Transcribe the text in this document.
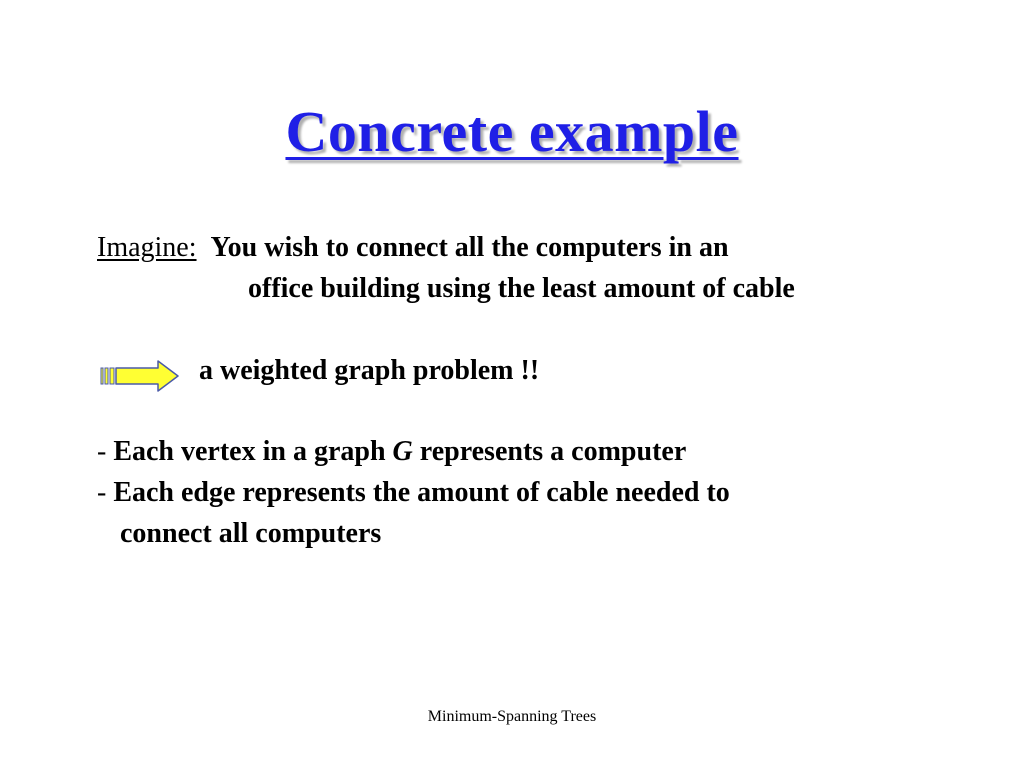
Concrete example
Imagine: You wish to connect all the computers in an
office building using the least amount of cable
a weighted graph problem !!
- Each vertex in a graph G represents a computer
- Each edge represents the amount of cable needed to
connect all computers
Minimum-Spanning Trees
